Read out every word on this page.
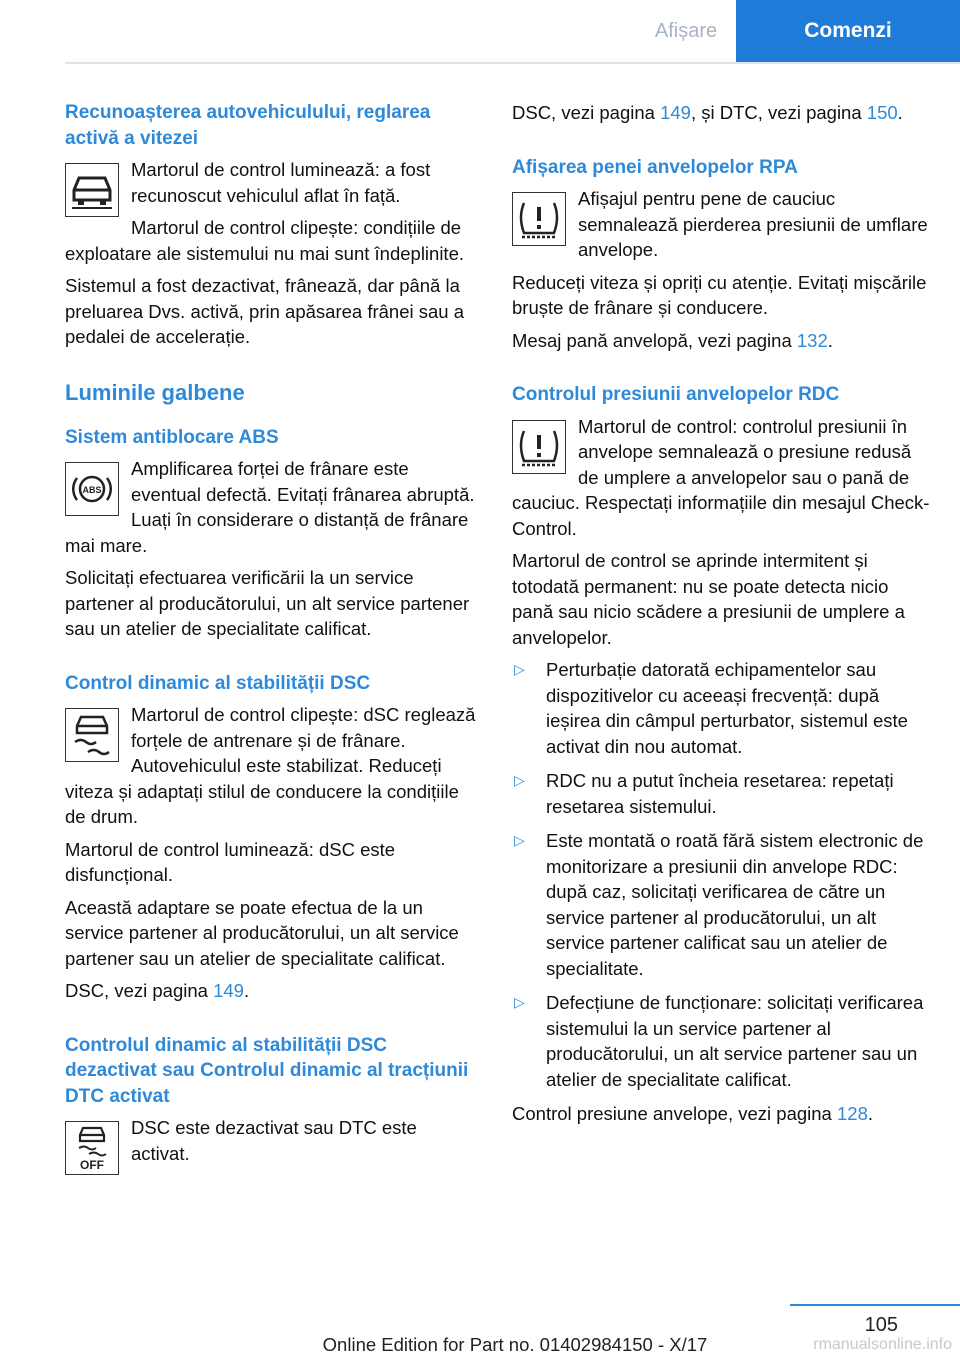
Afișare	Comenzi
Recunoașterea autovehiculului, reglarea activă a vitezei

Martorul de control luminează: a fost recunoscut vehiculul aflat în față.

Martorul de control clipește: condițiile de exploatare ale sistemului nu mai sunt îndeplinite.

Sistemul a fost dezactivat, frânează, dar până la preluarea Dvs. activă, prin apăsarea frânei sau a pedalei de accelerație.

Luminile galbene
Sistem antiblocare ABS
ABS

Amplificarea forței de frânare este eventual defectă. Evitați frânarea abruptă. Luați în considerare o distanță de frânare mai mare.

Solicitați efectuarea verificării la un service partener al producătorului, un alt service partener sau un atelier de specialitate calificat.

Control dinamic al stabilității DSC

Martorul de control clipește: dSC reglează forțele de antrenare și de frânare. Autovehiculul este stabilizat. Reduceți viteza și adaptați stilul de conducere la condițiile de drum.

Martorul de control luminează: dSC este disfuncțional.

Această adaptare se poate efectua de la un service partener al producătorului, un alt service partener sau un atelier de specialitate calificat.

DSC, vezi pagina 149.

Controlul dinamic al stabilității DSC dezactivat sau Controlul dinamic al tracțiunii DTC activat
OFF

DSC este dezactivat sau DTC este activat.

DSC, vezi pagina 149, și DTC, vezi pagina 150.

Afișarea penei anvelopelor RPA

Afișajul pentru pene de cauciuc semnalează pierderea presiunii de umflare anvelope.

Reduceți viteza și opriți cu atenție. Evitați mișcările bruște de frânare și conducere.

Mesaj pană anvelopă, vezi pagina 132.

Controlul presiunii anvelopelor RDC

Martorul de control: controlul presiunii în anvelope semnalează o presiune redusă de umplere a anvelopelor sau o pană de cauciuc. Respectați informațiile din mesajul Check-Control.

Martorul de control se aprinde intermitent și totodată permanent: nu se poate detecta nicio pană sau nicio scădere a presiunii de umplere a anvelopelor.

▷ Perturbație datorată echipamentelor sau dispozitivelor cu aceeași frecvență: după ieșirea din câmpul perturbator, sistemul este activat din nou automat.
▷ RDC nu a putut încheia resetarea: repetați resetarea sistemului.
▷ Este montată o roată fără sistem electronic de monitorizare a presiunii din anvelope RDC: după caz, solicitați verificarea de către un service partener al producătorului, un alt service partener calificat sau un atelier de specialitate.
▷ Defecțiune de funcționare: solicitați verificarea sistemului la un service partener al producătorului, un alt service partener sau un atelier de specialitate calificat.

Control presiune anvelope, vezi pagina 128.

105
Online Edition for Part no. 01402984150 - X/17	rmanualsonline.info
